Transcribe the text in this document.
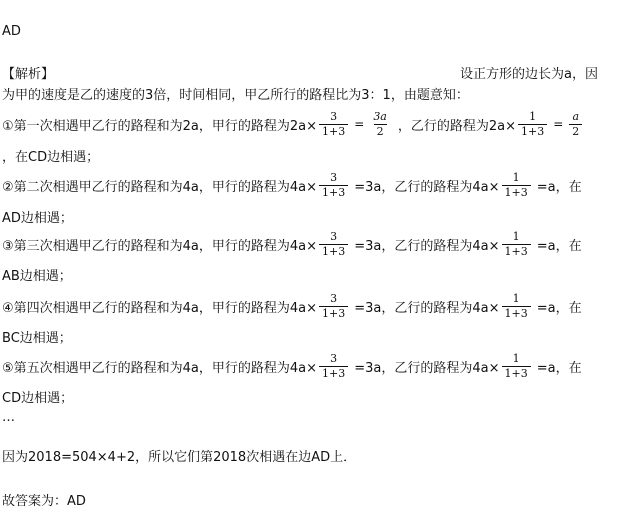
AD
【解析】	设正方形的边长为a，因
为甲的速度是乙的速度的3倍，时间相同，甲乙所行的路程比为3：1，由题意知：
①第一次相遇甲乙行的路程和为2a，甲行的路程为$2a\times \frac{3}{1+3} = \frac{3a}{2}$ ，乙行的路程为$2a\times \frac{1}{1+3} = \frac{a}{2}$
，在CD边相遇；
②第二次相遇甲乙行的路程和为4a，甲行的路程为$4a\times \frac{3}{1+3} =3a$，乙行的路程为$4a\times \frac{1}{1+3} =a$，在
AD边相遇；
③第三次相遇甲乙行的路程和为4a，甲行的路程为$4a\times \frac{3}{1+3} =3a$，乙行的路程为$4a\times \frac{1}{1+3} =a$，在
AB边相遇；
④第四次相遇甲乙行的路程和为4a，甲行的路程为$4a\times \frac{3}{1+3} =3a$，乙行的路程为$4a\times \frac{1}{1+3} =a$，在
BC边相遇；
⑤第五次相遇甲乙行的路程和为4a，甲行的路程为$4a\times \frac{3}{1+3} =3a$，乙行的路程为$4a\times \frac{1}{1+3} =a$，在
CD边相遇；
…
因为2018=504×4+2，所以它们第2018次相遇在边AD上．
故答案为：AD
